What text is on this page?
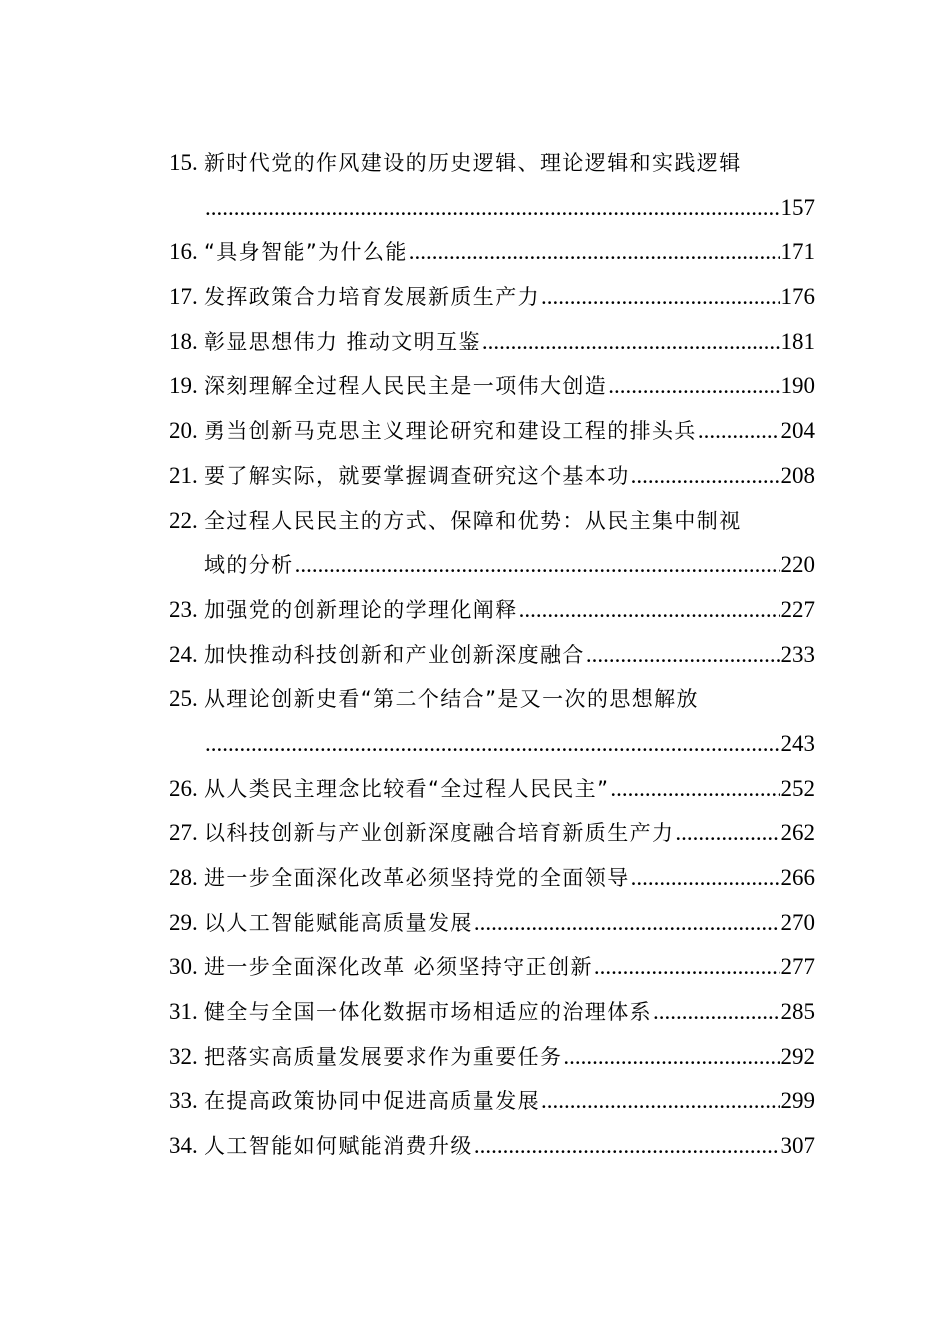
15. 新时代党的作风建设的历史逻辑、理论逻辑和实践逻辑
.....
157
16. “具身智能”为什么能 .....	171
17. 发挥政策合力培育发展新质生产力 .....	176
18. 彰显思想伟力 推动文明互鉴 .....	181
19. 深刻理解全过程人民民主是一项伟大创造 .....	190
20. 勇当创新马克思主义理论研究和建设工程的排头兵 .....	204
21. 要了解实际，就要掌握调查研究这个基本功 .....	208
22. 全过程人民民主的方式、保障和优势：从民主集中制视
域的分析 .....	220
23. 加强党的创新理论的学理化阐释 .....	227
24. 加快推动科技创新和产业创新深度融合 .....	233
25. 从理论创新史看“第二个结合”是又一次的思想解放
.....
243
26. 从人类民主理念比较看“全过程人民民主” .....	252
27. 以科技创新与产业创新深度融合培育新质生产力 .....	262
28. 进一步全面深化改革必须坚持党的全面领导 .....	266
29. 以人工智能赋能高质量发展 .....	270
30. 进一步全面深化改革 必须坚持守正创新 .....	277
31. 健全与全国一体化数据市场相适应的治理体系 .....	285
32. 把落实高质量发展要求作为重要任务 .....	292
33. 在提高政策协同中促进高质量发展 .....	299
34. 人工智能如何赋能消费升级 .....	307
